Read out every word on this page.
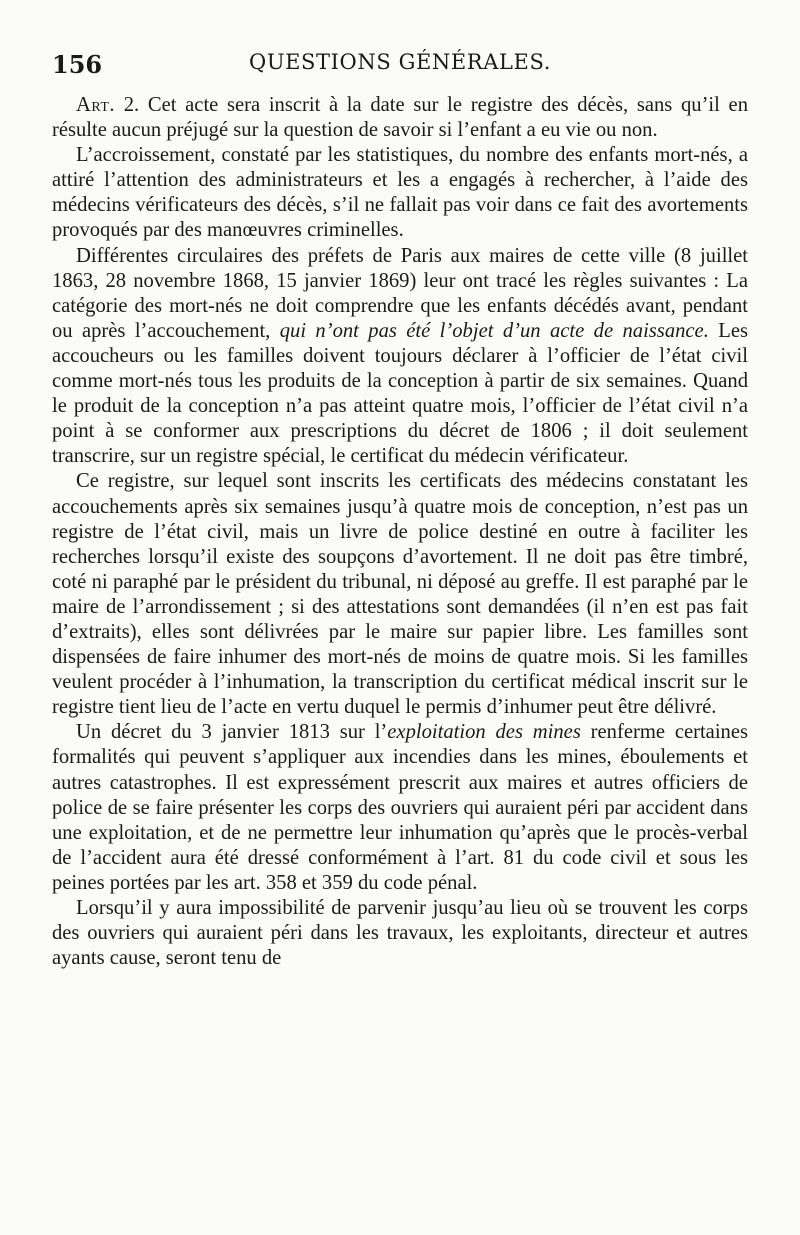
156	QUESTIONS GÉNÉRALES.

Art. 2. Cet acte sera inscrit à la date sur le registre des décès, sans qu’il en résulte aucun préjugé sur la question de savoir si l’enfant a eu vie ou non.

L’accroissement, constaté par les statistiques, du nombre des enfants mort-nés, a attiré l’attention des administrateurs et les a engagés à rechercher, à l’aide des médecins vérificateurs des décès, s’il ne fallait pas voir dans ce fait des avortements provoqués par des manœuvres criminelles.

Différentes circulaires des préfets de Paris aux maires de cette ville (8 juillet 1863, 28 novembre 1868, 15 janvier 1869) leur ont tracé les règles suivantes : La catégorie des mort-nés ne doit comprendre que les enfants décédés avant, pendant ou après l’accouchement, qui n’ont pas été l’objet d’un acte de naissance. Les accoucheurs ou les familles doivent toujours déclarer à l’officier de l’état civil comme mort-nés tous les produits de la conception à partir de six semaines. Quand le produit de la conception n’a pas atteint quatre mois, l’officier de l’état civil n’a point à se conformer aux prescriptions du décret de 1806 ; il doit seulement transcrire, sur un registre spécial, le certificat du médecin vérificateur.

Ce registre, sur lequel sont inscrits les certificats des médecins constatant les accouchements après six semaines jusqu’à quatre mois de conception, n’est pas un registre de l’état civil, mais un livre de police destiné en outre à faciliter les recherches lorsqu’il existe des soupçons d’avortement. Il ne doit pas être timbré, coté ni paraphé par le président du tribunal, ni déposé au greffe. Il est paraphé par le maire de l’arrondissement ; si des attestations sont demandées (il n’en est pas fait d’extraits), elles sont délivrées par le maire sur papier libre. Les familles sont dispensées de faire inhumer des mort-nés de moins de quatre mois. Si les familles veulent procéder à l’inhumation, la transcription du certificat médical inscrit sur le registre tient lieu de l’acte en vertu duquel le permis d’inhumer peut être délivré.

Un décret du 3 janvier 1813 sur l’exploitation des mines renferme certaines formalités qui peuvent s’appliquer aux incendies dans les mines, éboulements et autres catastrophes. Il est expressément prescrit aux maires et autres officiers de police de se faire présenter les corps des ouvriers qui auraient péri par accident dans une exploitation, et de ne permettre leur inhumation qu’après que le procès-verbal de l’accident aura été dressé conformément à l’art. 81 du code civil et sous les peines portées par les art. 358 et 359 du code pénal.

Lorsqu’il y aura impossibilité de parvenir jusqu’au lieu où se trouvent les corps des ouvriers qui auraient péri dans les travaux, les exploitants, directeur et autres ayants cause, seront tenu de
